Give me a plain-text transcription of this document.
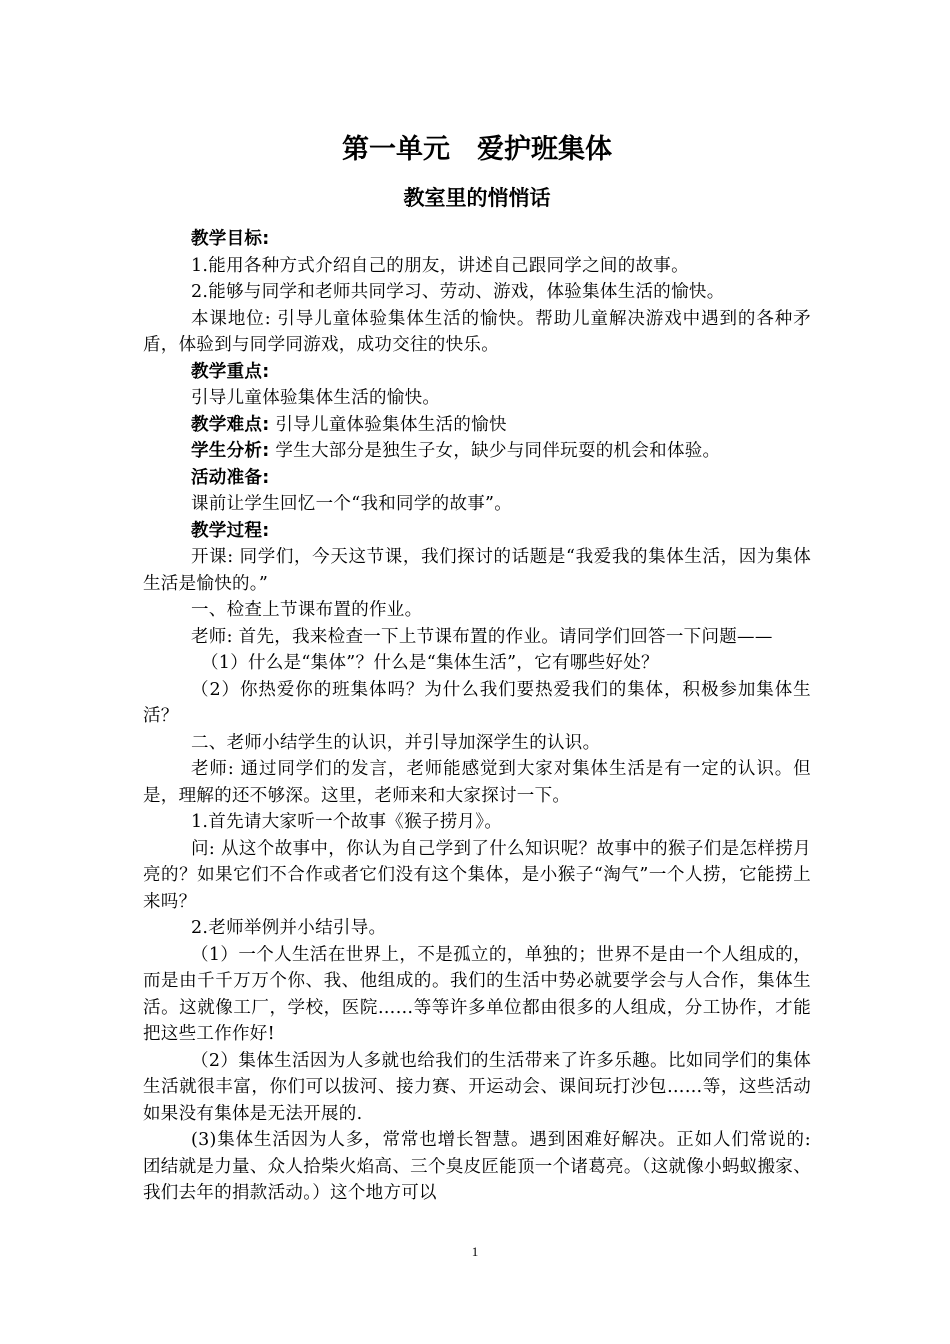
第一单元　爱护班集体
教室里的悄悄话

教学目标:

1.能用各种方式介绍自己的朋友，讲述自己跟同学之间的故事。

2.能够与同学和老师共同学习、劳动、游戏，体验集体生活的愉快。

本课地位: 引导儿童体验集体生活的愉快。帮助儿童解决游戏中遇到的各种矛盾，体验到与同学同游戏，成功交往的快乐。

教学重点:

引导儿童体验集体生活的愉快。

教学难点: 引导儿童体验集体生活的愉快

学生分析: 学生大部分是独生子女，缺少与同伴玩耍的机会和体验。

活动准备:

课前让学生回忆一个“我和同学的故事”。

教学过程:

开课: 同学们，今天这节课，我们探讨的话题是“我爱我的集体生活，因为集体生活是愉快的。”

一、检查上节课布置的作业。

老师: 首先，我来检查一下上节课布置的作业。请同学们回答一下问题——

（1）什么是“集体”？什么是“集体生活”，它有哪些好处？

（2）你热爱你的班集体吗？为什么我们要热爱我们的集体，积极参加集体生活？

二、老师小结学生的认识，并引导加深学生的认识。

老师: 通过同学们的发言，老师能感觉到大家对集体生活是有一定的认识。但是，理解的还不够深。这里，老师来和大家探讨一下。

1.首先请大家听一个故事《猴子捞月》。

问: 从这个故事中，你认为自己学到了什么知识呢？故事中的猴子们是怎样捞月亮的？如果它们不合作或者它们没有这个集体，是小猴子“淘气”一个人捞，它能捞上来吗？

2.老师举例并小结引导。

（1）一个人生活在世界上，不是孤立的，单独的；世界不是由一个人组成的，而是由千千万万个你、我、他组成的。我们的生活中势必就要学会与人合作，集体生活。这就像工厂，学校，医院……等等许多单位都由很多的人组成，分工协作，才能把这些工作作好!

（2）集体生活因为人多就也给我们的生活带来了许多乐趣。比如同学们的集体生活就很丰富，你们可以拔河、接力赛、开运动会、课间玩打沙包……等，这些活动如果没有集体是无法开展的.

(3)集体生活因为人多，常常也增长智慧。遇到困难好解决。正如人们常说的: 团结就是力量、众人拾柴火焰高、三个臭皮匠能顶一个诸葛亮。（这就像小蚂蚁搬家、我们去年的捐款活动。）这个地方可以

1
